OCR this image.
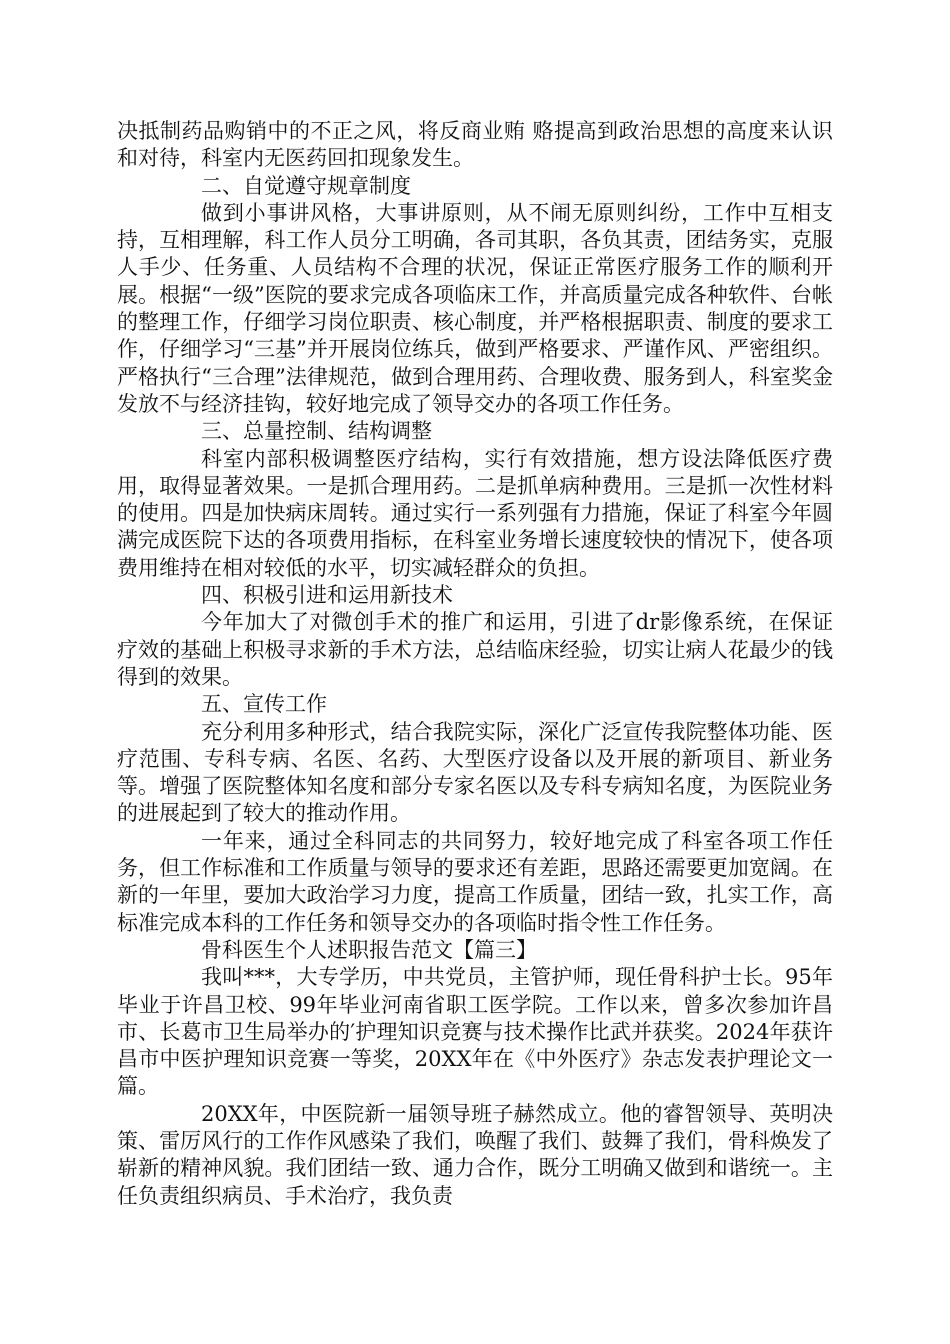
决抵制药品购销中的不正之风，将反商业贿 赂提高到政治思想的高度来认识和对待，科室内无医药回扣现象发生。

二、自觉遵守规章制度

做到小事讲风格，大事讲原则，从不闹无原则纠纷，工作中互相支持，互相理解，科工作人员分工明确，各司其职，各负其责，团结务实，克服人手少、任务重、人员结构不合理的状况，保证正常医疗服务工作的顺利开展。根据“一级”医院的要求完成各项临床工作，并高质量完成各种软件、台帐的整理工作，仔细学习岗位职责、核心制度，并严格根据职责、制度的要求工作，仔细学习“三基”并开展岗位练兵，做到严格要求、严谨作风、严密组织。严格执行“三合理”法律规范，做到合理用药、合理收费、服务到人，科室奖金发放不与经济挂钩，较好地完成了领导交办的各项工作任务。

三、总量控制、结构调整

科室内部积极调整医疗结构，实行有效措施，想方设法降低医疗费用，取得显著效果。一是抓合理用药。二是抓单病种费用。三是抓一次性材料的使用。四是加快病床周转。通过实行一系列强有力措施，保证了科室今年圆满完成医院下达的各项费用指标，在科室业务增长速度较快的情况下，使各项费用维持在相对较低的水平，切实减轻群众的负担。

四、积极引进和运用新技术

今年加大了对微创手术的推广和运用，引进了dr影像系统，在保证疗效的基础上积极寻求新的手术方法，总结临床经验，切实让病人花最少的钱得到的效果。

五、宣传工作

充分利用多种形式，结合我院实际，深化广泛宣传我院整体功能、医疗范围、专科专病、名医、名药、大型医疗设备以及开展的新项目、新业务等。增强了医院整体知名度和部分专家名医以及专科专病知名度，为医院业务的进展起到了较大的推动作用。

一年来，通过全科同志的共同努力，较好地完成了科室各项工作任务，但工作标准和工作质量与领导的要求还有差距，思路还需要更加宽阔。在新的一年里，要加大政治学习力度，提高工作质量，团结一致，扎实工作，高标准完成本科的工作任务和领导交办的各项临时指令性工作任务。

骨科医生个人述职报告范文【篇三】

我叫***，大专学历，中共党员，主管护师，现任骨科护士长。95年毕业于许昌卫校、99年毕业河南省职工医学院。工作以来，曾多次参加许昌市、长葛市卫生局举办的′护理知识竞赛与技术操作比武并获奖。2024年获许昌市中医护理知识竞赛一等奖，20XX年在《中外医疗》杂志发表护理论文一篇。

20XX年，中医院新一届领导班子赫然成立。他的睿智领导、英明决策、雷厉风行的工作作风感染了我们，唤醒了我们、鼓舞了我们，骨科焕发了崭新的精神风貌。我们团结一致、通力合作，既分工明确又做到和谐统一。主任负责组织病员、手术治疗，我负责
